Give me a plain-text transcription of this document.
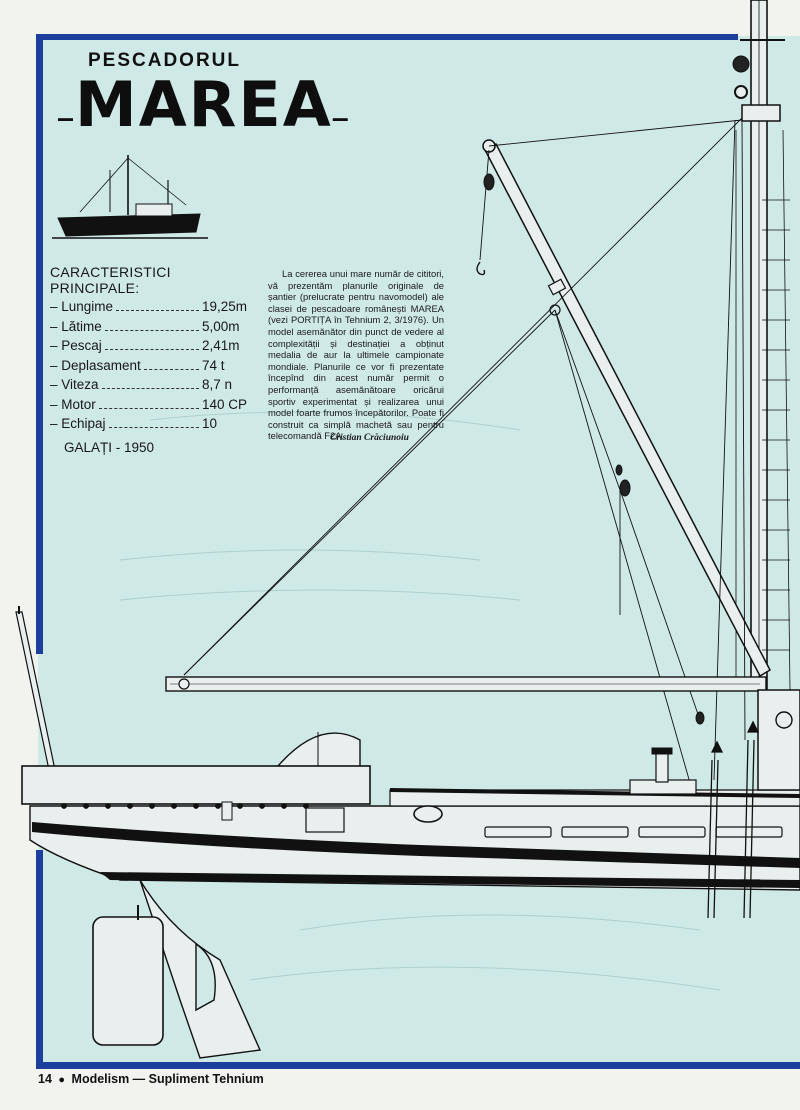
PESCADORUL
_MAREA_
CARACTERISTICI PRINCIPALE:
– Lungime	19,25m
– Lătime	5,00m
– Pescaj	2,41m
– Deplasament	74 t
– Viteza	8,7 n
– Motor	140 CP
– Echipaj	10
GALAȚI - 1950

La cererea unui mare număr de cititori, vă prezentăm planurile originale de șantier (prelucrate pentru navomodel) ale clasei de pescadoare românești MAREA (vezi PORTIȚA în Tehnium 2, 3/1976). Un model asemănător din punct de vedere al complexității și destinației a obținut medalia de aur la ultimele campionate mondiale. Planurile ce vor fi prezentate începînd din acest număr permit o performanță asemănătoare oricărui sportiv experimentat și realizarea unui model foarte frumos începătorilor. Poate fi construit ca simplă machetă sau pentru telecomandă F2A.

Cristian Crăciunoiu
14 ● Modelism — Supliment Tehnium
